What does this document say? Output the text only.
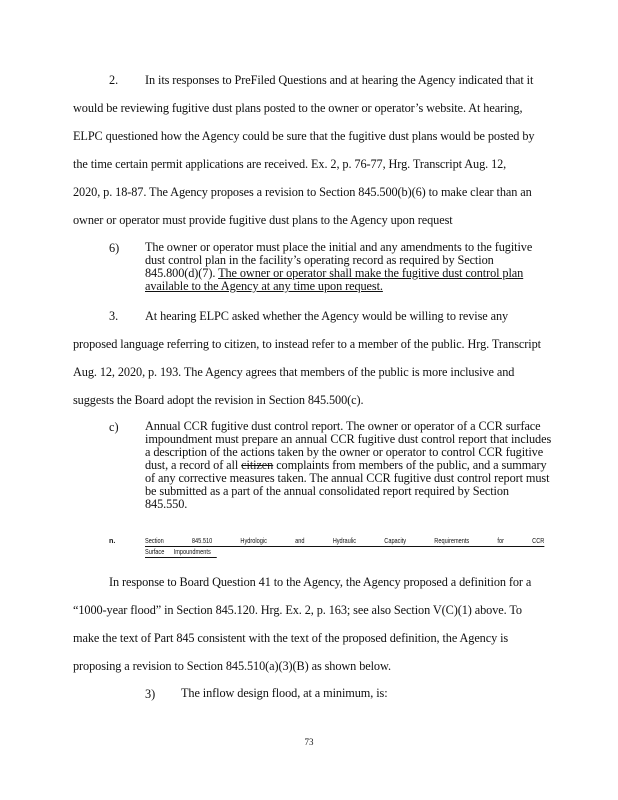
2. In its responses to PreFiled Questions and at hearing the Agency indicated that it
would be reviewing fugitive dust plans posted to the owner or operator’s website. At hearing,
ELPC questioned how the Agency could be sure that the fugitive dust plans would be posted by
the time certain permit applications are received. Ex. 2, p. 76-77, Hrg. Transcript Aug. 12,
2020, p. 18-87. The Agency proposes a revision to Section 845.500(b)(6) to make clear than an
owner or operator must provide fugitive dust plans to the Agency upon request
6) The owner or operator must place the initial and any amendments to the fugitive
dust control plan in the facility’s operating record as required by Section
845.800(d)(7). The owner or operator shall make the fugitive dust control plan
available to the Agency at any time upon request.
3. At hearing ELPC asked whether the Agency would be willing to revise any
proposed language referring to citizen, to instead refer to a member of the public. Hrg. Transcript
Aug. 12, 2020, p. 193. The Agency agrees that members of the public is more inclusive and
suggests the Board adopt the revision in Section 845.500(c).
c) Annual CCR fugitive dust control report. The owner or operator of a CCR surface
impoundment must prepare an annual CCR fugitive dust control report that includes
a description of the actions taken by the owner or operator to control CCR fugitive
dust, a record of all citizen complaints from members of the public, and a summary
of any corrective measures taken. The annual CCR fugitive dust control report must
be submitted as a part of the annual consolidated report required by Section
845.550.
n.	Section	845.510	Hydrologic	and	Hydraulic	Capacity	Requirements	for	CCR
Surface      Impoundments
In response to Board Question 41 to the Agency, the Agency proposed a definition for a
“1000-year flood” in Section 845.120. Hrg. Ex. 2, p. 163; see also Section V(C)(1) above. To
make the text of Part 845 consistent with the text of the proposed definition, the Agency is
proposing a revision to Section 845.510(a)(3)(B) as shown below.
3) The inflow design flood, at a minimum, is:
73
